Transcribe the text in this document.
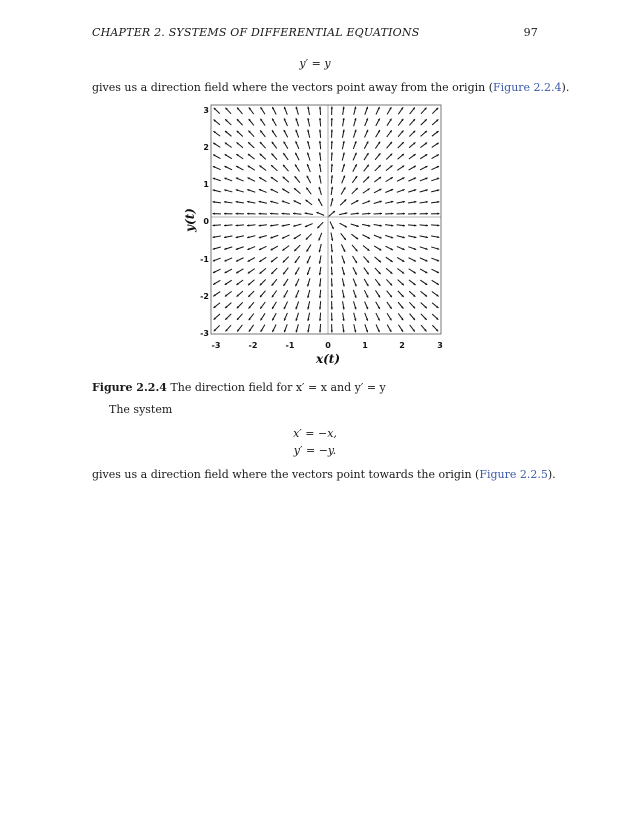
CHAPTER 2. SYSTEMS OF DIFFERENTIAL EQUATIONS	97
y′ = y
gives us a direction field where the vectors point away from the origin (Figure 2.2.4).
-3	-2	-1	0	1	2	3
3
2
1
0
-1
-2
-3
x(t)
y(t)
Figure 2.2.4 The direction field for x′ = x and y′ = y
The system
x′ = −x,
y′ = −y.
gives us a direction field where the vectors point towards the origin (Figure 2.2.5).
